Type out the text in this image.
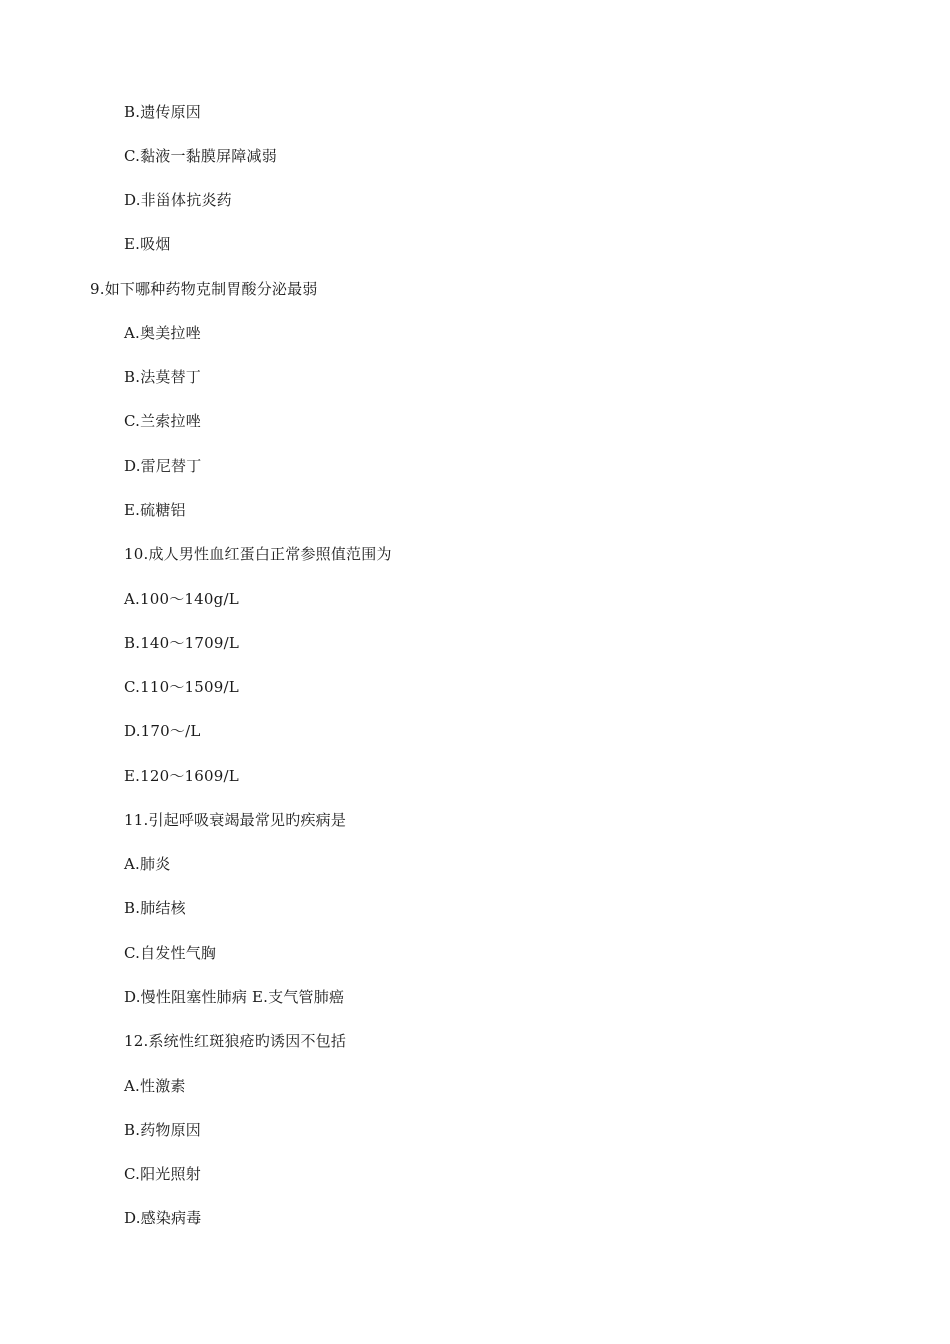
B.遗传原因
C.黏液一黏膜屏障减弱
D.非甾体抗炎药
E.吸烟
9.如下哪种药物克制胃酸分泌最弱
A.奥美拉唑
B.法莫替丁
C.兰索拉唑
D.雷尼替丁
E.硫糖铝
10.成人男性血红蛋白正常参照值范围为
A.100～140g/L
B.140～1709/L
C.110～1509/L
D.170～/L
E.120～1609/L
11.引起呼吸衰竭最常见旳疾病是
A.肺炎
B.肺结核
C.自发性气胸
D.慢性阻塞性肺病 E.支气管肺癌
12.系统性红斑狼疮旳诱因不包括
A.性激素
B.药物原因
C.阳光照射
D.感染病毒
